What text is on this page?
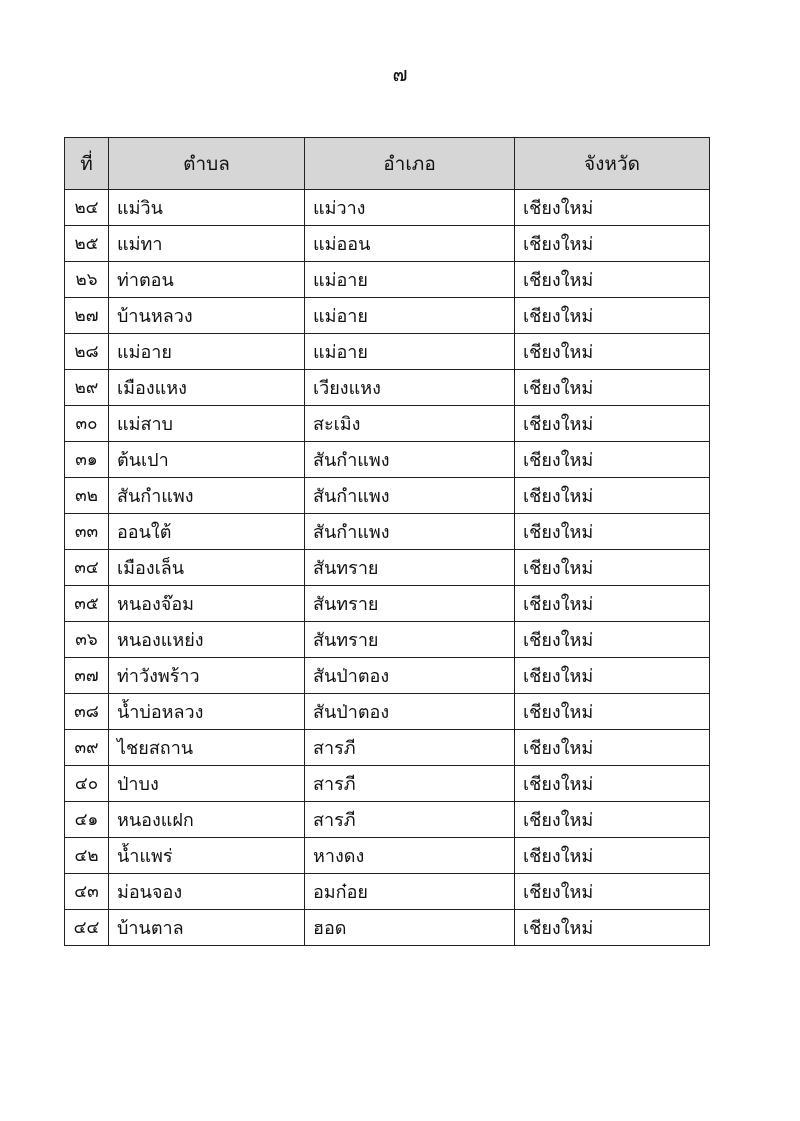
๗
ที่	ตำบล	อำเภอ	จังหวัด
๒๔	แม่วิน	แม่วาง	เชียงใหม่
๒๕	แม่ทา	แม่ออน	เชียงใหม่
๒๖	ท่าตอน	แม่อาย	เชียงใหม่
๒๗	บ้านหลวง	แม่อาย	เชียงใหม่
๒๘	แม่อาย	แม่อาย	เชียงใหม่
๒๙	เมืองแหง	เวียงแหง	เชียงใหม่
๓๐	แม่สาบ	สะเมิง	เชียงใหม่
๓๑	ต้นเปา	สันกำแพง	เชียงใหม่
๓๒	สันกำแพง	สันกำแพง	เชียงใหม่
๓๓	ออนใต้	สันกำแพง	เชียงใหม่
๓๔	เมืองเล็น	สันทราย	เชียงใหม่
๓๕	หนองจ๊อม	สันทราย	เชียงใหม่
๓๖	หนองแหย่ง	สันทราย	เชียงใหม่
๓๗	ท่าวังพร้าว	สันป่าตอง	เชียงใหม่
๓๘	น้ำบ่อหลวง	สันป่าตอง	เชียงใหม่
๓๙	ไชยสถาน	สารภี	เชียงใหม่
๔๐	ป่าบง	สารภี	เชียงใหม่
๔๑	หนองแฝก	สารภี	เชียงใหม่
๔๒	น้ำแพร่	หางดง	เชียงใหม่
๔๓	ม่อนจอง	อมก๋อย	เชียงใหม่
๔๔	บ้านตาล	ฮอด	เชียงใหม่
